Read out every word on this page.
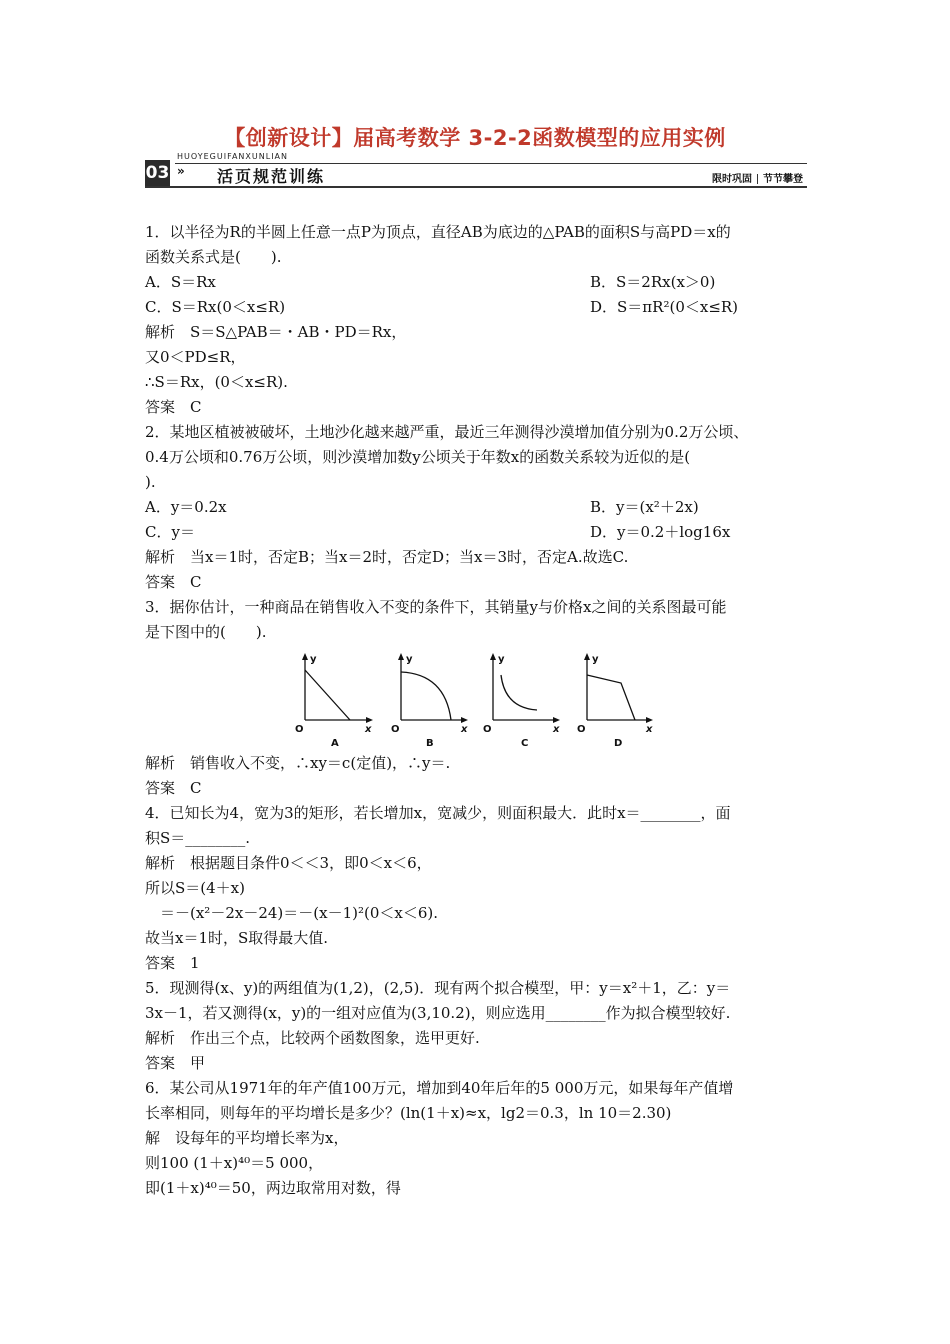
【创新设计】届高考数学 3-2-2函数模型的应用实例
03
HUOYEGUIFANXUNLIAN
» 活页规范训练	限时巩固 节节攀登
1．以半径为R的半圆上任意一点P为顶点，直径AB为底边的△PAB的面积S与高PD＝x的
函数关系式是(　　).
A．S＝Rx	B．S＝2Rx(x＞0)
C．S＝Rx(0＜x≤R)	D．S＝πR²(0＜x≤R)
解析　S＝S△PAB＝・AB・PD＝Rx，
又0＜PD≤R，
∴S＝Rx，(0＜x≤R).
答案　C
2．某地区植被被破坏，土地沙化越来越严重，最近三年测得沙漠增加值分别为0.2万公顷、
0.4万公顷和0.76万公顷，则沙漠增加数y公顷关于年数x的函数关系较为近似的是(
).
A．y＝0.2x	B．y＝(x²＋2x)
C．y＝	D．y＝0.2＋log16x
解析　当x＝1时，否定B；当x＝2时，否定D；当x＝3时，否定A.故选C.
答案　C
3．据你估计，一种商品在销售收入不变的条件下，其销量y与价格x之间的关系图最可能
是下图中的(　　).
y
x
O
A
y
x
O
B
y
x
O
C
y
x
O
D
解析　销售收入不变，∴xy＝c(定值)，∴y＝.
答案　C
4．已知长为4，宽为3的矩形，若长增加x，宽减少，则面积最大．此时x＝________，面
积S＝________.
解析　根据题目条件0＜＜3，即0＜x＜6，
所以S＝(4＋x)
　＝－(x²－2x－24)＝－(x－1)²(0＜x＜6).
故当x＝1时，S取得最大值.
答案　1
5．现测得(x、y)的两组值为(1,2)，(2,5)．现有两个拟合模型，甲：y＝x²＋1，乙：y＝
3x－1，若又测得(x，y)的一组对应值为(3,10.2)，则应选用________作为拟合模型较好.
解析　作出三个点，比较两个函数图象，选甲更好.
答案　甲
6．某公司从1971年的年产值100万元，增加到40年后年的5 000万元，如果每年产值增
长率相同，则每年的平均增长是多少？(ln(1＋x)≈x，lg2＝0.3，ln 10＝2.30)
解　设每年的平均增长率为x，
则100 (1＋x)⁴⁰＝5 000，
即(1＋x)⁴⁰＝50，两边取常用对数，得
